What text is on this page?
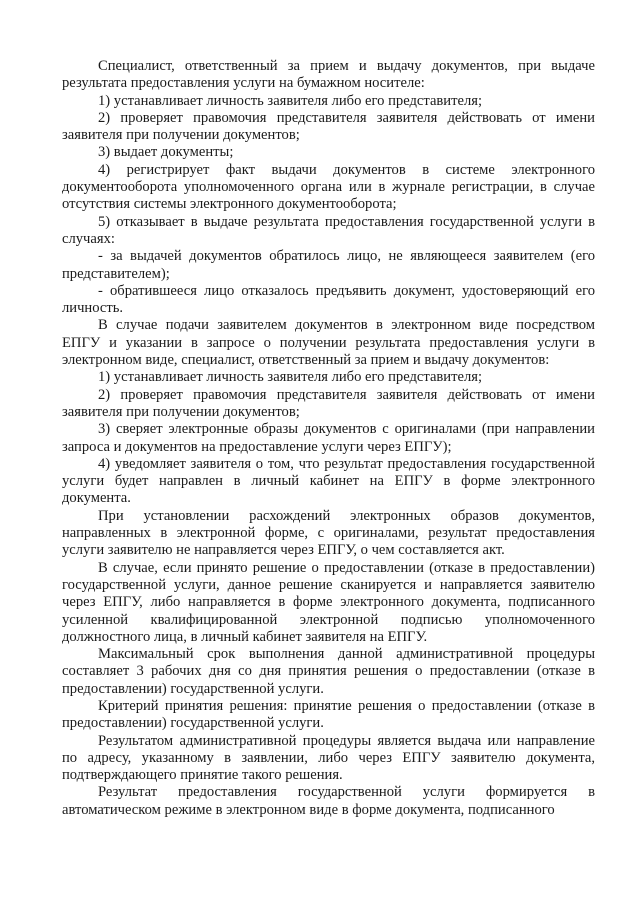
Специалист, ответственный за прием и выдачу документов, при выдаче результата предоставления услуги на бумажном носителе:

1) устанавливает личность заявителя либо его представителя;

2) проверяет правомочия представителя заявителя действовать от имени заявителя при получении документов;

3) выдает документы;

4) регистрирует факт выдачи документов в системе электронного документооборота уполномоченного органа или в журнале регистрации, в случае отсутствия системы электронного документооборота;

5) отказывает в выдаче результата предоставления государственной услуги в случаях:

- за выдачей документов обратилось лицо, не являющееся заявителем (его представителем);

- обратившееся лицо отказалось предъявить документ, удостоверяющий его личность.

В случае подачи заявителем документов в электронном виде посредством ЕПГУ и указании в запросе о получении результата предоставления услуги в электронном виде, специалист, ответственный за прием и выдачу документов:

1) устанавливает личность заявителя либо его представителя;

2) проверяет правомочия представителя заявителя действовать от имени заявителя при получении документов;

3) сверяет электронные образы документов с оригиналами (при направлении запроса и документов на предоставление услуги через ЕПГУ);

4) уведомляет заявителя о том, что результат предоставления государственной услуги будет направлен в личный кабинет на ЕПГУ в форме электронного документа.

При установлении расхождений электронных образов документов, направленных в электронной форме, с оригиналами, результат предоставления услуги заявителю не направляется через ЕПГУ, о чем составляется акт.

В случае, если принято решение о предоставлении (отказе в предоставлении) государственной услуги, данное решение сканируется и направляется заявителю через ЕПГУ, либо направляется в форме электронного документа, подписанного усиленной квалифицированной электронной подписью уполномоченного должностного лица, в личный кабинет заявителя на ЕПГУ.

Максимальный срок выполнения данной административной процедуры составляет 3 рабочих дня со дня принятия решения о предоставлении (отказе в предоставлении) государственной услуги.

Критерий принятия решения: принятие решения о предоставлении (отказе в предоставлении) государственной услуги.

Результатом административной процедуры является выдача или направление по адресу, указанному в заявлении, либо через ЕПГУ заявителю документа, подтверждающего принятие такого решения.

Результат предоставления государственной услуги формируется в автоматическом режиме в электронном виде в форме документа, подписанного
